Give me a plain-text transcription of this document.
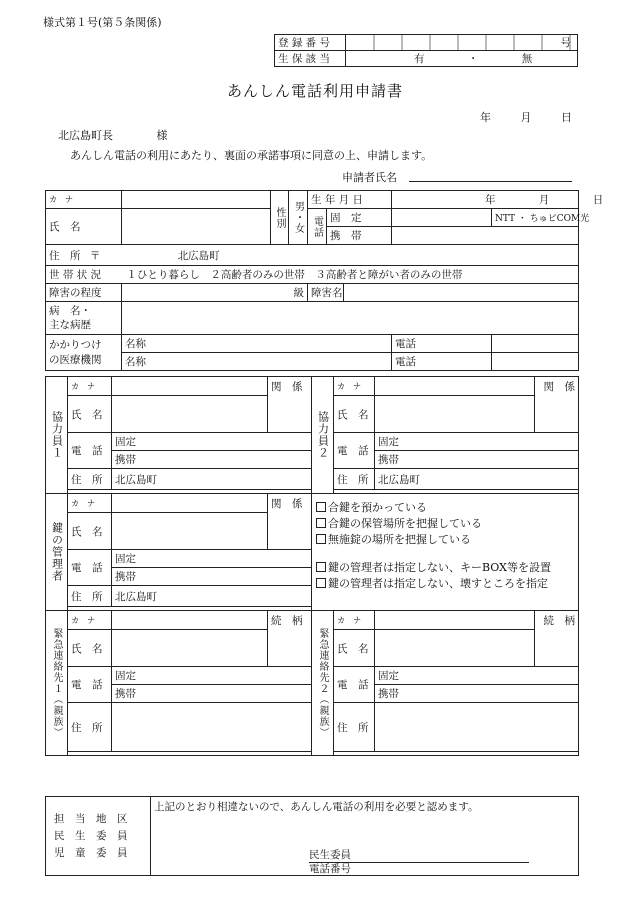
様式第１号(第５条関係)
登 録 番 号	号
生 保 該 当	有 ・ 無
あんしん電話利用申請書
年	月	日
北広島町長	様
あんしん電話の利用にあたり、裏面の承諾事項に同意の上、申請します。
申請者氏名
カ　ナ		性別	男・女	生 年 月 日			年 月 日	
氏　名				電話	固　定			NTT ・ ちゅピCOM光
					携　帯			
住　所 〒 北広島町								
世 帯 状 況 １ひとり暮らし　２高齢者のみの世帯　３高齢者と障がい者のみの世帯								
障害の程度	級			障害名				
病　名・
主な病歴								

かかりつけ
の医療機関	名称						電話	
	名称						電話	
協力員１	カ　ナ		関　係	協力員２	カ　ナ		関　係
	氏　名				氏　名		
	電　話	固定			電　話	固定	
		携帯				携帯	
	住　所	北広島町			住　所	北広島町	

鍵の管理者	カ　ナ		関　係	合鍵を預かっている
合鍵の保管場所を把握している
無施錠の場所を把握している
鍵の管理者は指定しない、キーBOX等を設置
鍵の管理者は指定しない、壊すところを指定			

	氏　名						
	電　話	固定					
		携帯					
	住　所	北広島町					

緊急連絡先１（親族）	カ　ナ		続　柄	緊急連絡先２（親族）	カ　ナ		続　柄
	氏　名				氏　名		
	電　話	固定			電　話	固定	
		携帯				携帯	
	住　所				住　所		

担　当　地　区
民　生　委　員
児　童　委　員	
上記のとおり相違ないので、あんしん電話の利用を必要と認めます。
民生委員
電話番号
